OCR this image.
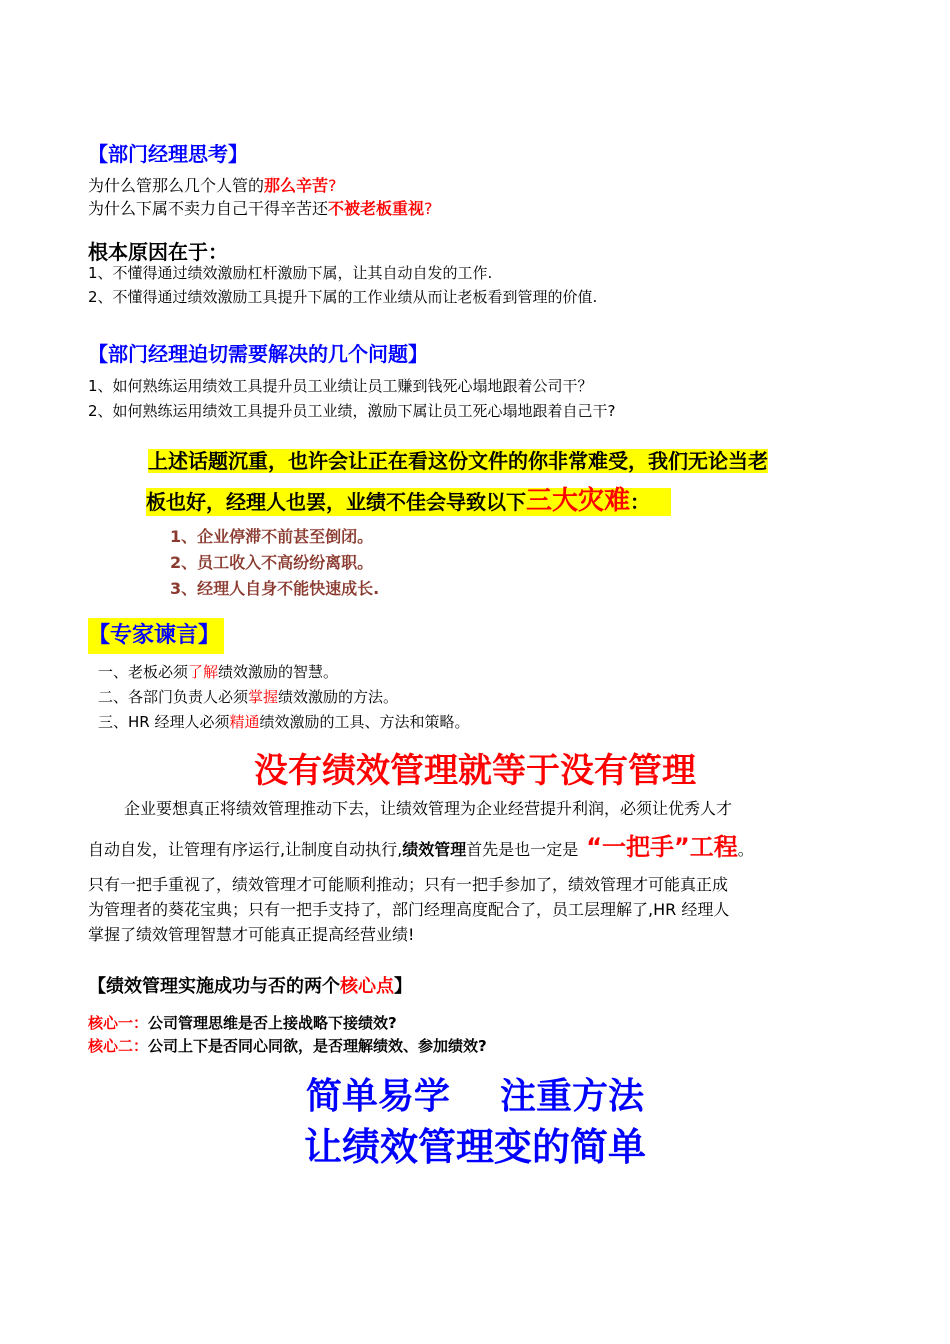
【部门经理思考】
为什么管那么几个人管的那么辛苦?
为什么下属不卖力自己干得辛苦还不被老板重视?
根本原因在于：
1、不懂得通过绩效激励杠杆激励下属，让其自动自发的工作.
2、不懂得通过绩效激励工具提升下属的工作业绩从而让老板看到管理的价值.
【部门经理迫切需要解决的几个问题】
1、如何熟练运用绩效工具提升员工业绩让员工赚到钱死心塌地跟着公司干？
2、如何熟练运用绩效工具提升员工业绩，激励下属让员工死心塌地跟着自己干?
上述话题沉重，也许会让正在看这份文件的你非常难受，我们无论当老
板也好，经理人也罢，业绩不佳会导致以下三大灾难：
1、企业停滞不前甚至倒闭。
2、员工收入不高纷纷离职。
3、经理人自身不能快速成长.
【专家谏言】
一、老板必须了解绩效激励的智慧。
二、各部门负责人必须掌握绩效激励的方法。
三、HR 经理人必须精通绩效激励的工具、方法和策略。
没有绩效管理就等于没有管理
企业要想真正将绩效管理推动下去，让绩效管理为企业经营提升利润，必须让优秀人才
自动自发，让管理有序运行,让制度自动执行,绩效管理首先是也一定是 “一把手”工程。
只有一把手重视了，绩效管理才可能顺利推动；只有一把手参加了，绩效管理才可能真正成
为管理者的葵花宝典；只有一把手支持了，部门经理高度配合了，员工层理解了,HR 经理人
掌握了绩效管理智慧才可能真正提高经营业绩!
【绩效管理实施成功与否的两个核心点】
核心一：公司管理思维是否上接战略下接绩效?
核心二：公司上下是否同心同欲，是否理解绩效、参加绩效?
简单易学    注重方法
让绩效管理变的简单
